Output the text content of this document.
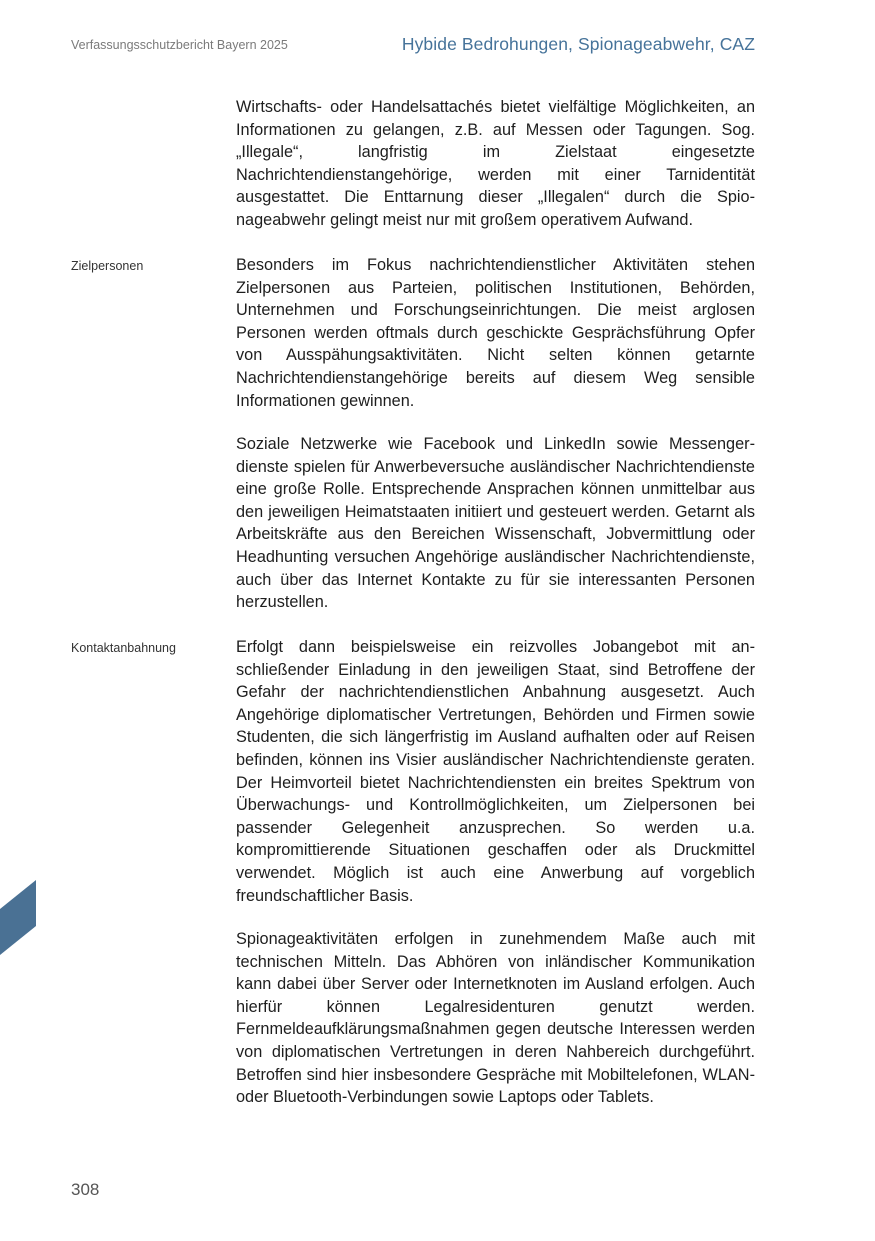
Verfassungsschutzbericht Bayern 2025	Hybide Bedrohungen, Spionageabwehr, CAZ

Wirtschafts- oder Handelsattachés bietet vielfältige Möglichkeiten, an Informationen zu gelangen, z.B. auf Messen oder Tagungen. Sog. „Illegale“, langfristig im Zielstaat eingesetzte Nachrichtendienstangehörige, werden mit einer Tarnidentität ausgestattet. Die Enttarnung dieser „Illegalen“ durch die Spionageabwehr gelingt meist nur mit großem operativem Aufwand.

Zielpersonen	Besonders im Fokus nachrichtendienstlicher Aktivitäten stehen Zielpersonen aus Parteien, politischen Institutionen, Behörden, Unternehmen und Forschungseinrichtungen. Die meist arglosen Personen werden oftmals durch geschickte Gesprächsführung Opfer von Ausspähungsaktivitäten. Nicht selten können getarnte Nachrichtendienstangehörige bereits auf diesem Weg sensible Informationen gewinnen.

Soziale Netzwerke wie Facebook und LinkedIn sowie Messengerdienste spielen für Anwerbeversuche ausländischer Nachrichtendienste eine große Rolle. Entsprechende Ansprachen können unmittelbar aus den jeweiligen Heimatstaaten initiiert und gesteuert werden. Getarnt als Arbeitskräfte aus den Bereichen Wissenschaft, Jobvermittlung oder Headhunting versuchen Angehörige ausländischer Nachrichtendienste, auch über das Internet Kontakte zu für sie interessanten Personen herzustellen.

Kontaktanbahnung	Erfolgt dann beispielsweise ein reizvolles Jobangebot mit anschließender Einladung in den jeweiligen Staat, sind Betroffene der Gefahr der nachrichtendienstlichen Anbahnung ausgesetzt. Auch Angehörige diplomatischer Vertretungen, Behörden und Firmen sowie Studenten, die sich längerfristig im Ausland aufhalten oder auf Reisen befinden, können ins Visier ausländischer Nachrichtendienste geraten. Der Heimvorteil bietet Nachrichtendiensten ein breites Spektrum von Überwachungs- und Kontrollmöglichkeiten, um Zielpersonen bei passender Gelegenheit anzusprechen. So werden u.a. kompromittierende Situationen geschaffen oder als Druckmittel verwendet. Möglich ist auch eine Anwerbung auf vorgeblich freundschaftlicher Basis.

Spionageaktivitäten erfolgen in zunehmendem Maße auch mit technischen Mitteln. Das Abhören von inländischer Kommunikation kann dabei über Server oder Internetknoten im Ausland erfolgen. Auch hierfür können Legalresidenturen genutzt werden. Fernmeldeaufklärungsmaßnahmen gegen deutsche Interessen werden von diplomatischen Vertretungen in deren Nahbereich durchgeführt. Betroffen sind hier insbesondere Gespräche mit Mobiltelefonen, WLAN- oder Bluetooth-Verbindungen sowie Laptops oder Tablets.

308
